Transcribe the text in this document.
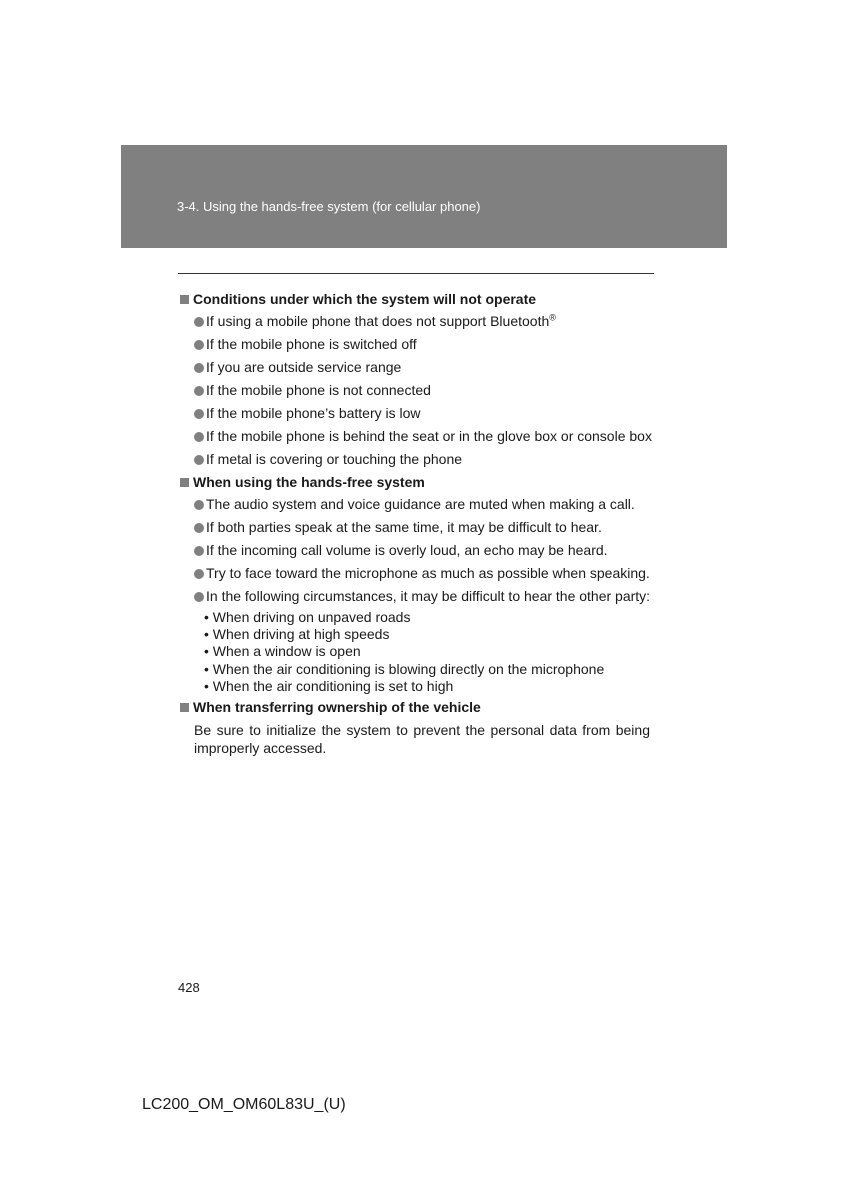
3-4. Using the hands-free system (for cellular phone)
Conditions under which the system will not operate
If using a mobile phone that does not support Bluetooth®
If the mobile phone is switched off
If you are outside service range
If the mobile phone is not connected
If the mobile phone’s battery is low
If the mobile phone is behind the seat or in the glove box or console box
If metal is covering or touching the phone
When using the hands-free system
The audio system and voice guidance are muted when making a call.
If both parties speak at the same time, it may be difficult to hear.
If the incoming call volume is overly loud, an echo may be heard.
Try to face toward the microphone as much as possible when speaking.
In the following circumstances, it may be difficult to hear the other party:
• When driving on unpaved roads
• When driving at high speeds
• When a window is open
• When the air conditioning is blowing directly on the microphone
• When the air conditioning is set to high
When transferring ownership of the vehicle
Be sure to initialize the system to prevent the personal data from being improperly accessed.
428
LC200_OM_OM60L83U_(U)
